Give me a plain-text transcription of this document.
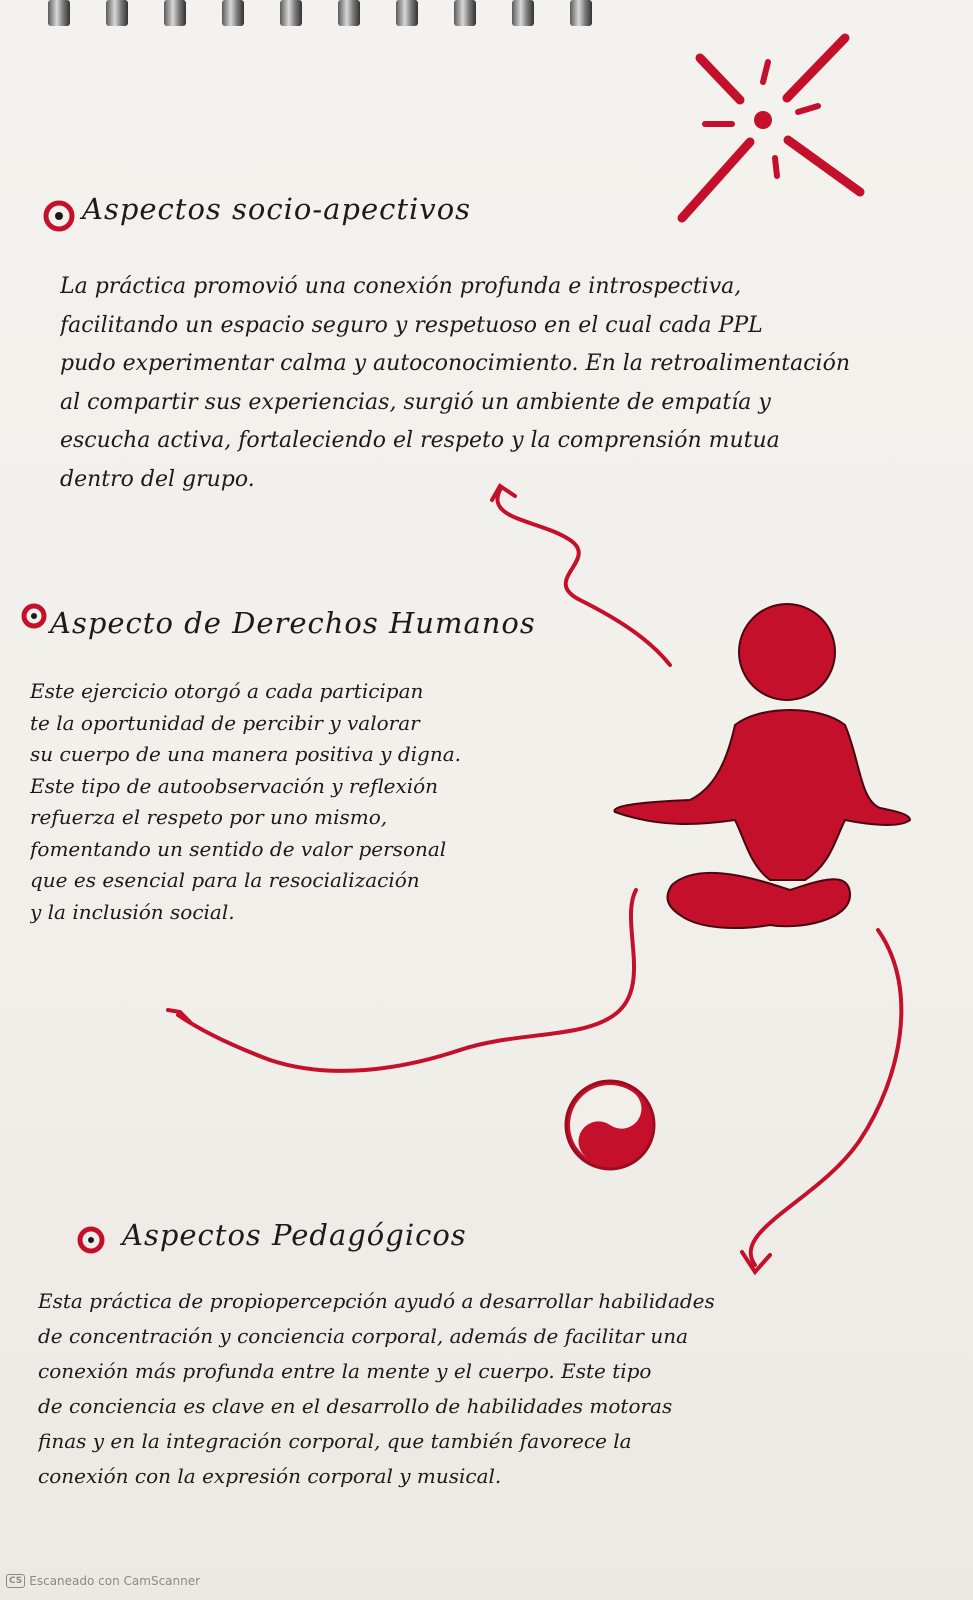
Aspectos socio-apectivos
La práctica promovió una conexión profunda e introspectiva,
facilitando un espacio seguro y respetuoso en el cual cada PPL
pudo experimentar calma y autoconocimiento. En la retroalimentación
al compartir sus experiencias, surgió un ambiente de empatía y
escucha activa, fortaleciendo el respeto y la comprensión mutua
dentro del grupo.
Aspecto de Derechos Humanos
Este ejercicio otorgó a cada participan
te la oportunidad de percibir y valorar
su cuerpo de una manera positiva y digna.
Este tipo de autoobservación y reflexión
refuerza el respeto por uno mismo,
fomentando un sentido de valor personal
que es esencial para la resocialización
y la inclusión social.
Aspectos Pedagógicos
Esta práctica de propiopercepción ayudó a desarrollar habilidades
de concentración y conciencia corporal, además de facilitar una
conexión más profunda entre la mente y el cuerpo. Este tipo
de conciencia es clave en el desarrollo de habilidades motoras
finas y en la integración corporal, que también favorece la
conexión con la expresión corporal y musical.
CS Escaneado con CamScanner
